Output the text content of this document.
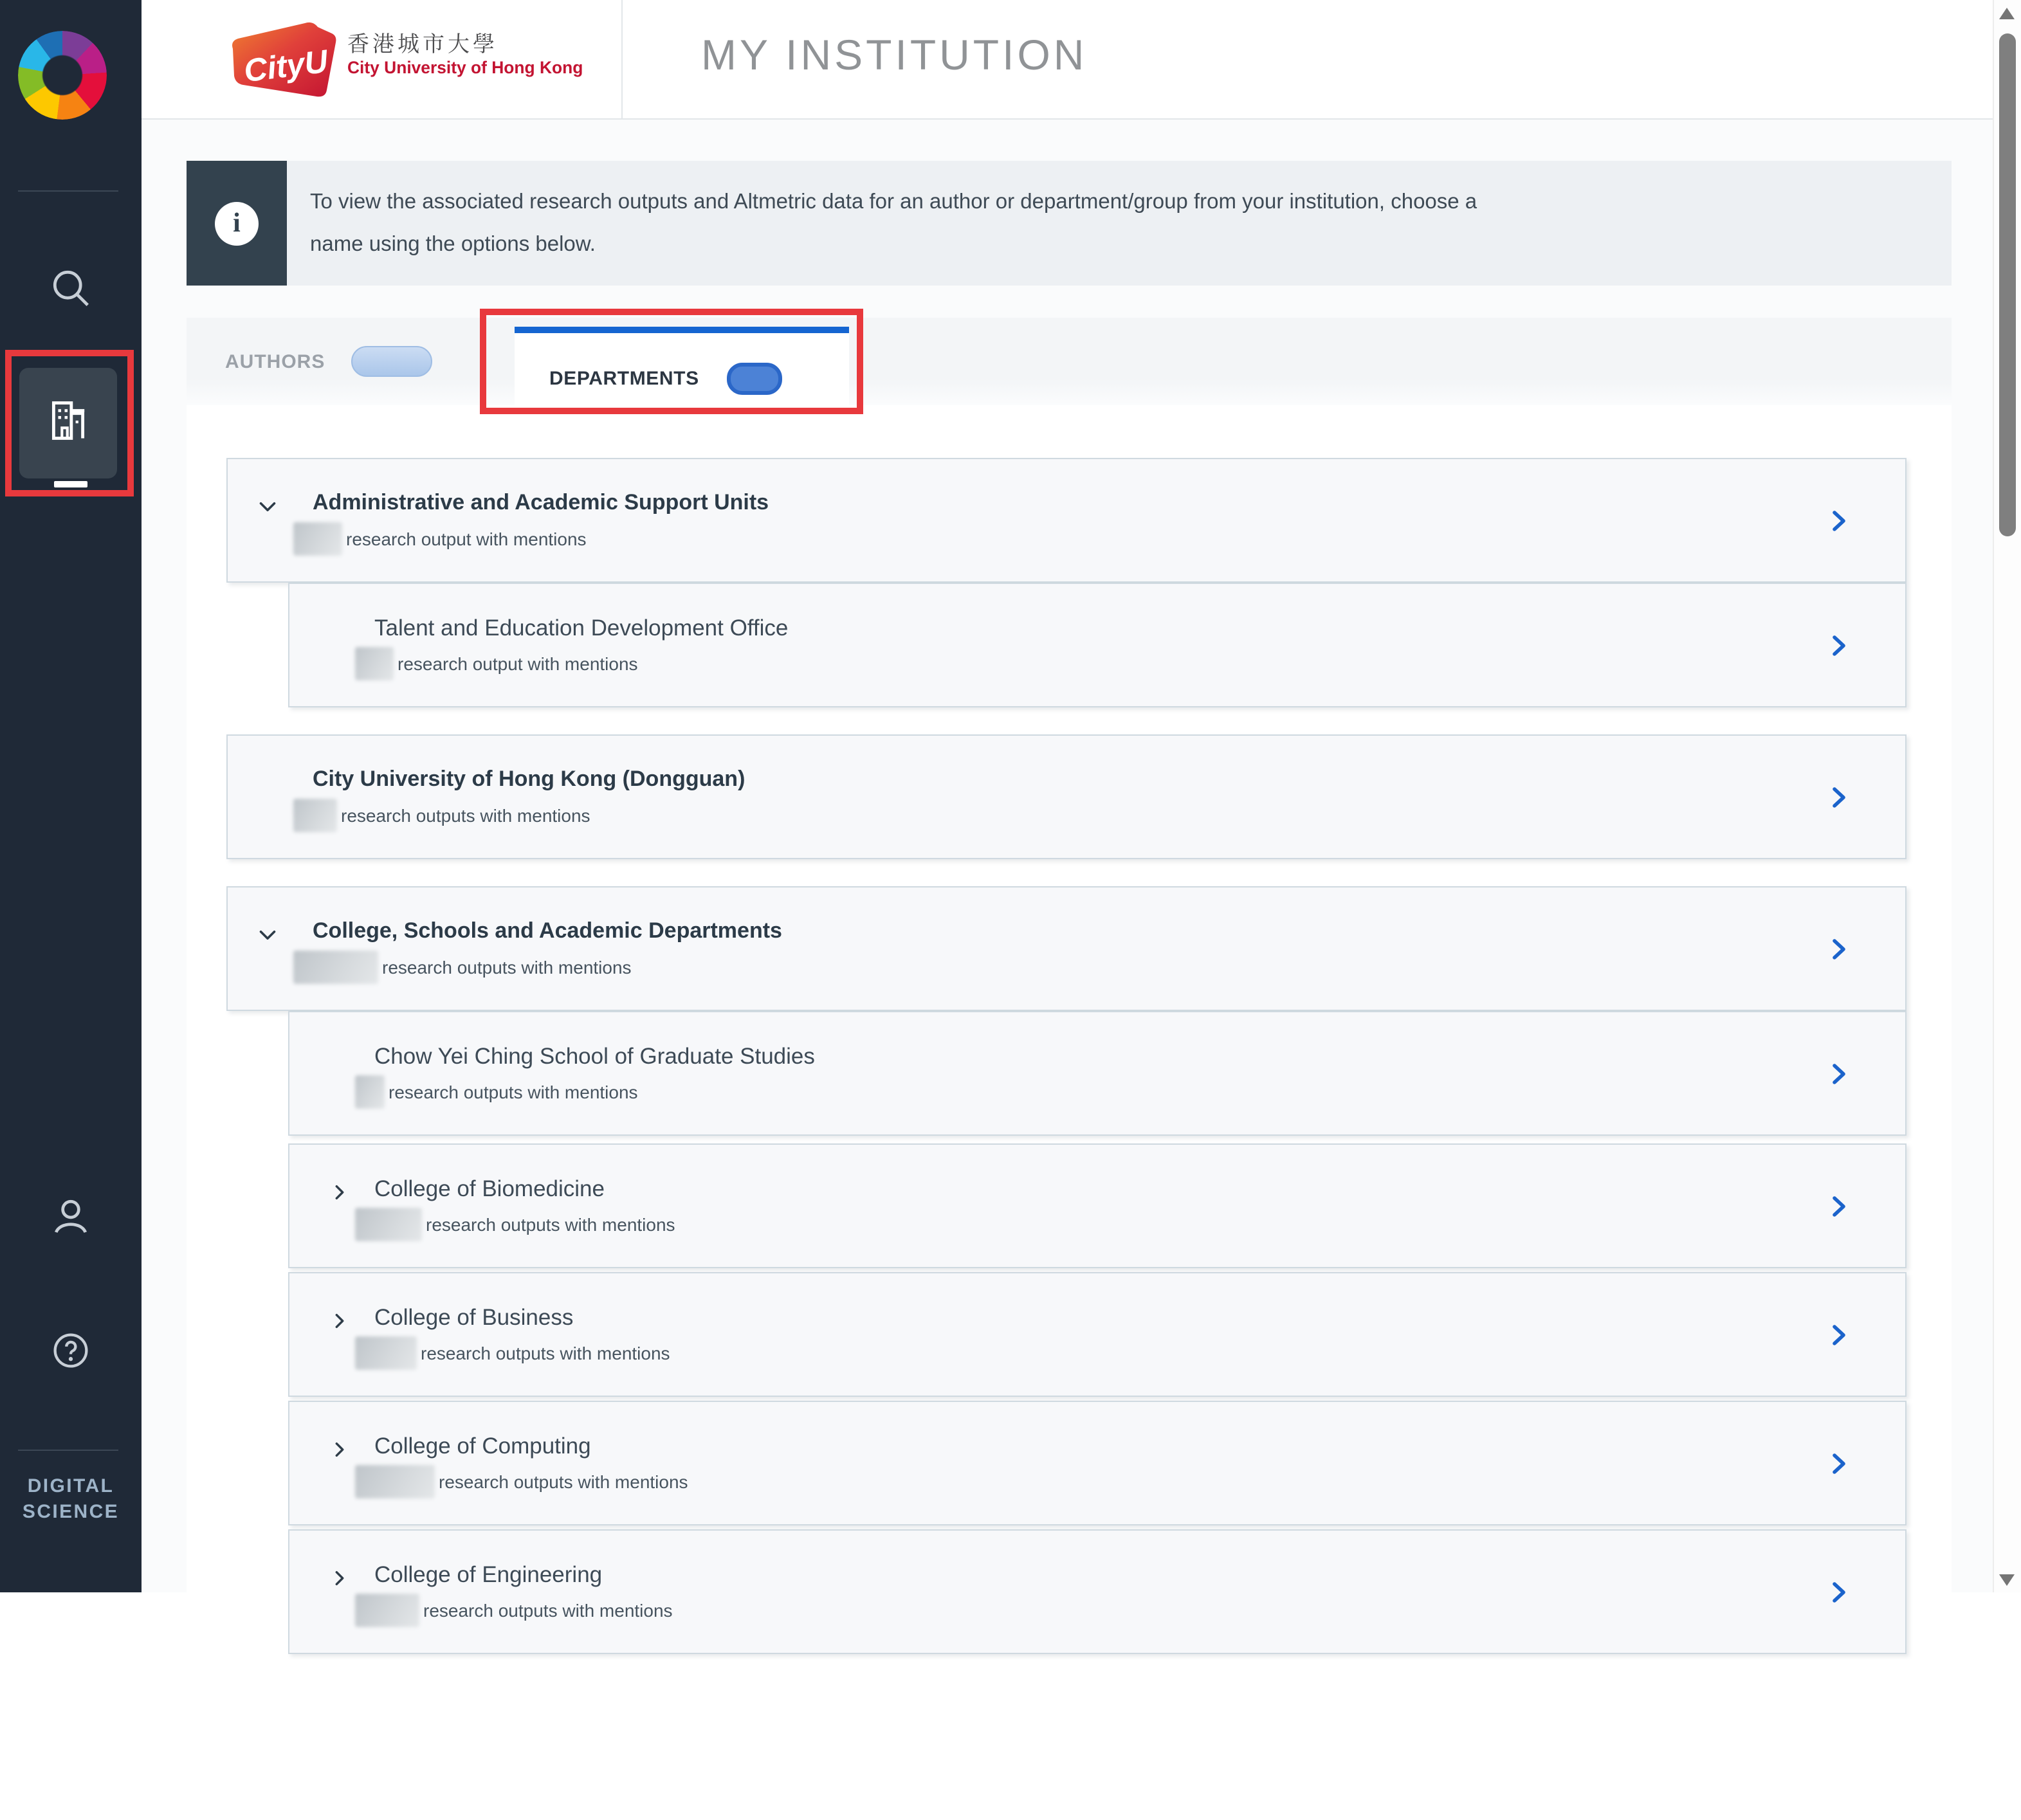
DIGITAL
SCIENCE
CityU 香港城市大學
City University of Hong Kong	MY INSTITUTION
i
To view the associated research outputs and Altmetric data for an author or department/group from your institution, choose a
name using the options below.
AUTHORS
DEPARTMENTS
Administrative and Academic Support Units
research output with mentions
Talent and Education Development Office
research output with mentions
City University of Hong Kong (Dongguan)
research outputs with mentions
College, Schools and Academic Departments
research outputs with mentions
Chow Yei Ching School of Graduate Studies
research outputs with mentions
College of Biomedicine
research outputs with mentions
College of Business
research outputs with mentions
College of Computing
research outputs with mentions
College of Engineering
research outputs with mentions
